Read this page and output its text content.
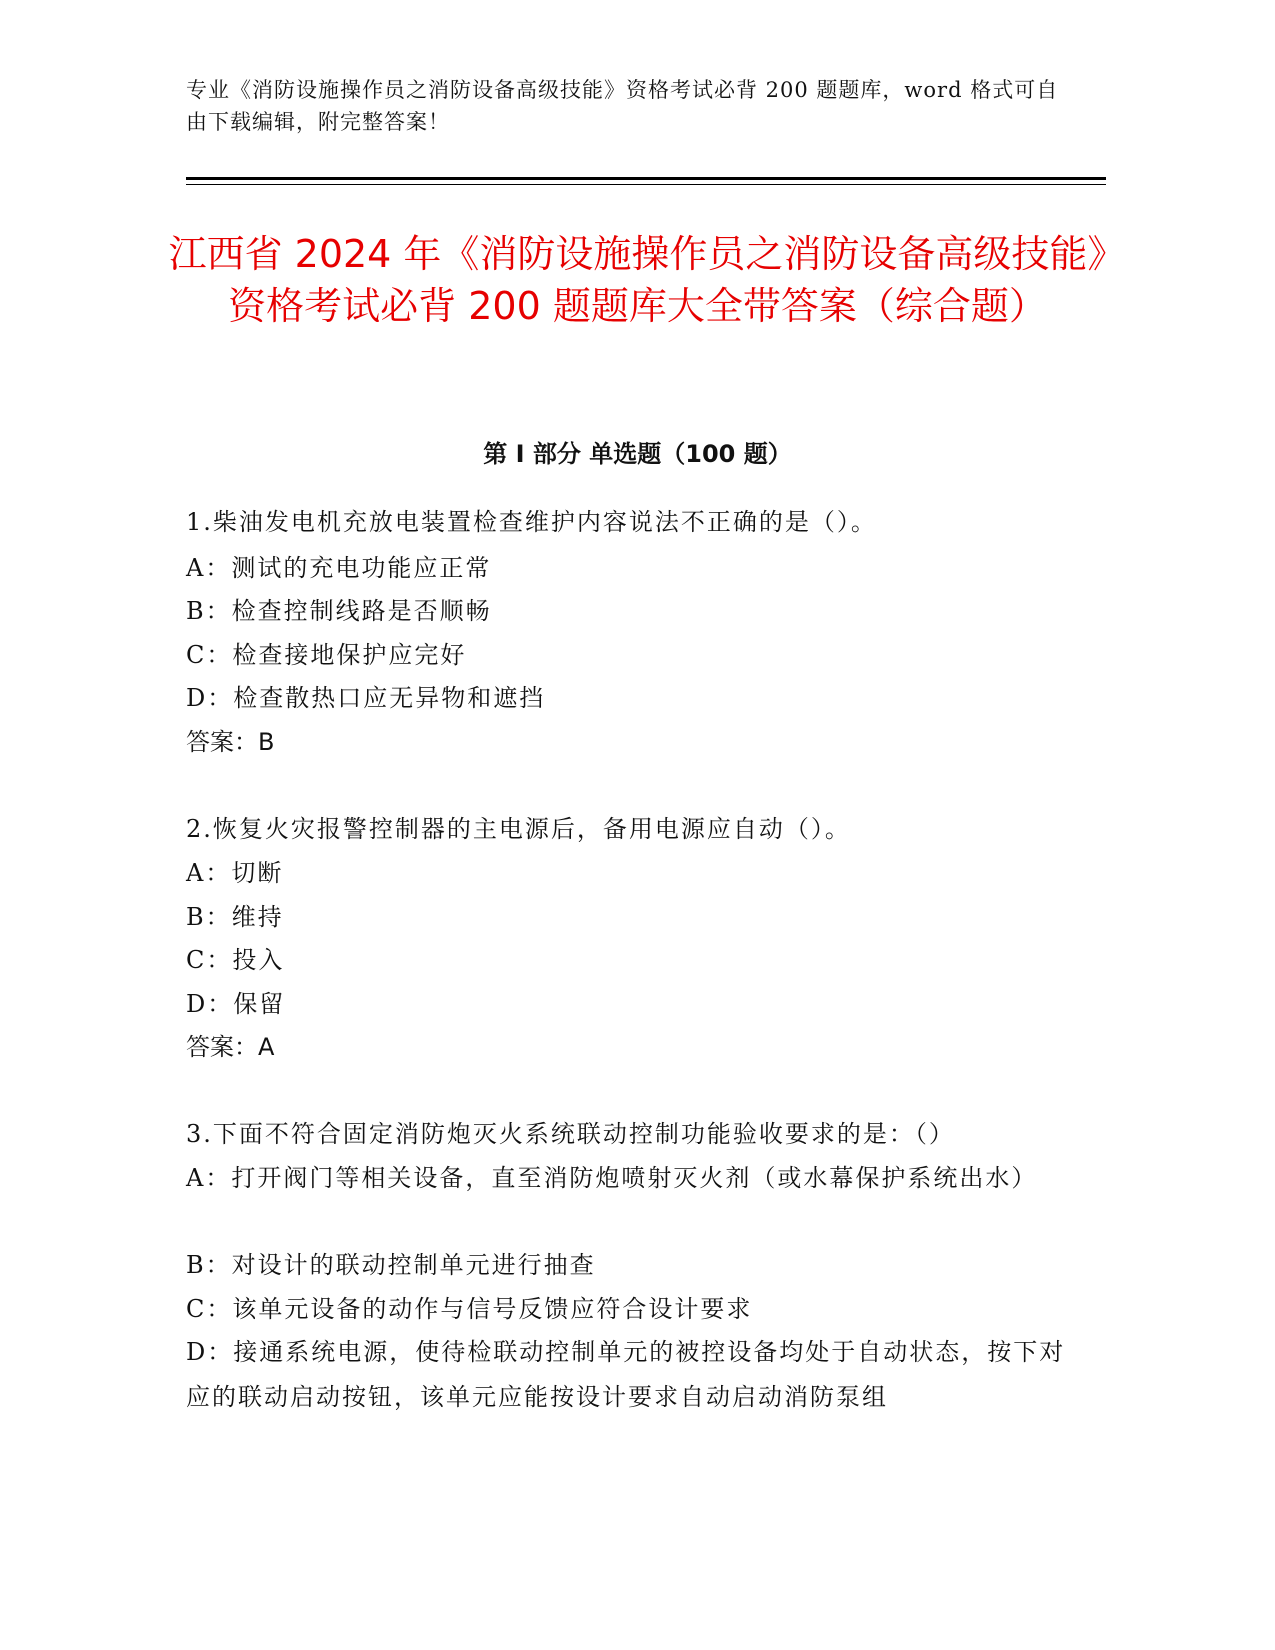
专业《消防设施操作员之消防设备高级技能》资格考试必背 200 题题库，word 格式可自由下载编辑，附完整答案！
江西省 2024 年《消防设施操作员之消防设备高级技能》资格考试必背 200 题题库大全带答案（综合题）
第 I 部分 单选题（100 题）
1.柴油发电机充放电装置检查维护内容说法不正确的是（）。
A：测试的充电功能应正常
B：检查控制线路是否顺畅
C：检查接地保护应完好
D：检查散热口应无异物和遮挡
答案：B
2.恢复火灾报警控制器的主电源后，备用电源应自动（）。
A：切断
B：维持
C：投入
D：保留
答案：A
3.下面不符合固定消防炮灭火系统联动控制功能验收要求的是：（）
A：打开阀门等相关设备，直至消防炮喷射灭火剂（或水幕保护系统出水）
B：对设计的联动控制单元进行抽查
C：该单元设备的动作与信号反馈应符合设计要求
D：接通系统电源，使待检联动控制单元的被控设备均处于自动状态，按下对应的联动启动按钮，该单元应能按设计要求自动启动消防泵组
